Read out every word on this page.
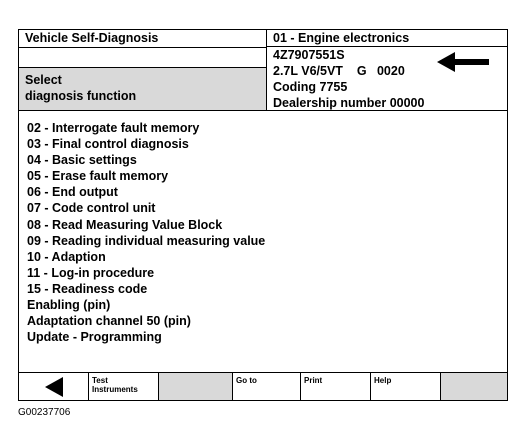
Vehicle Self-Diagnosis
Select
diagnosis function
01 - Engine electronics
4Z7907551S
2.7L V6/5VT    G   0020
Coding 7755
Dealership number 00000
02 - Interrogate fault memory
03 - Final control diagnosis
04 - Basic settings
05 - Erase fault memory
06 - End output
07 - Code control unit
08 - Read Measuring Value Block
09 - Reading individual measuring value
10 - Adaption
11 - Log-in procedure
15 - Readiness code
Enabling (pin)
Adaptation channel 50 (pin)
Update - Programming
Test
Instruments
Go to	Print	Help
G00237706
